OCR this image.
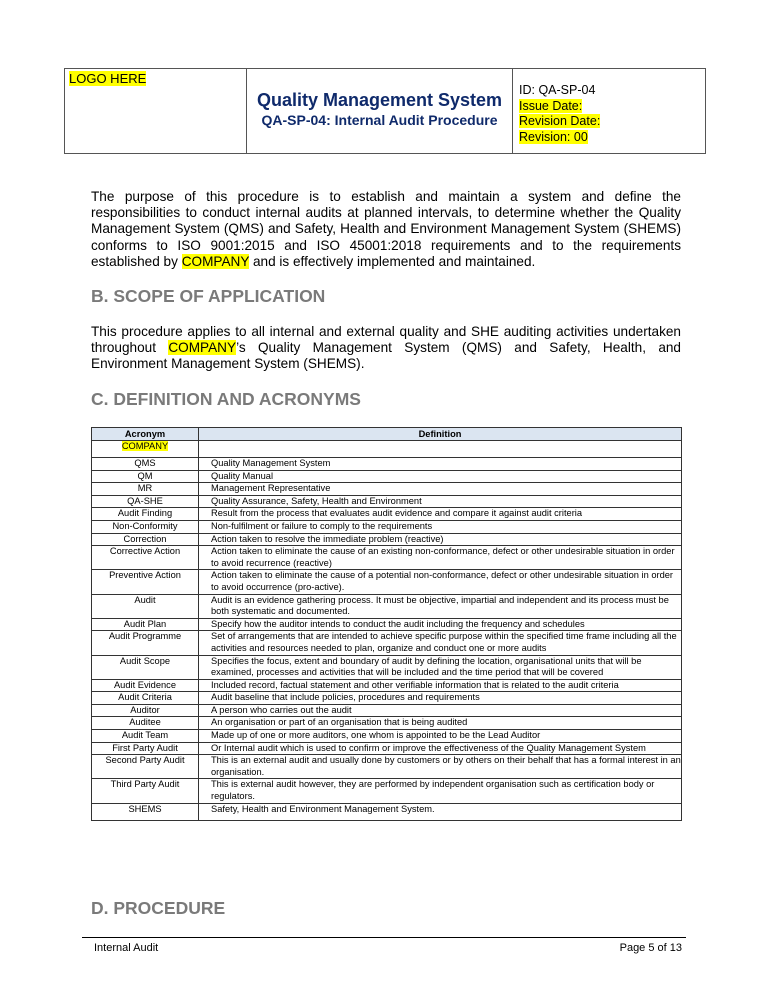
LOGO HERE
Quality Management System
QA-SP-04: Internal Audit Procedure
ID: QA-SP-04
Issue Date:
Revision Date:
Revision: 00

The purpose of this procedure is to establish and maintain a system and define the responsibilities to conduct internal audits at planned intervals, to determine whether the Quality Management System (QMS) and Safety, Health and Environment Management System (SHEMS) conforms to ISO 9001:2015 and ISO 45001:2018 requirements and to the requirements established by COMPANY and is effectively implemented and maintained.

B. SCOPE OF APPLICATION

This procedure applies to all internal and external quality and SHE auditing activities undertaken throughout COMPANY’s Quality Management System (QMS) and Safety, Health, and Environment Management System (SHEMS).

C. DEFINITION AND ACRONYMS
Acronym	Definition
COMPANY	
QMS	Quality Management System
QM	Quality Manual
MR	Management Representative
QA-SHE	Quality Assurance, Safety, Health and Environment
Audit Finding	Result from the process that evaluates audit evidence and compare it against audit criteria
Non-Conformity	Non-fulfilment or failure to comply to the requirements
Correction	Action taken to resolve the immediate problem (reactive)
Corrective Action	Action taken to eliminate the cause of an existing non-conformance, defect or other undesirable situation in order to avoid recurrence (reactive)
Preventive Action	Action taken to eliminate the cause of a potential non-conformance, defect or other undesirable situation in order to avoid occurrence (pro-active).
Audit	Audit is an evidence gathering process. It must be objective, impartial and independent and its process must be both systematic and documented.
Audit Plan	Specify how the auditor intends to conduct the audit including the frequency and schedules
Audit Programme	Set of arrangements that are intended to achieve specific purpose within the specified time frame including all the activities and resources needed to plan, organize and conduct one or more audits
Audit Scope	Specifies the focus, extent and boundary of audit by defining the location, organisational units that will be examined, processes and activities that will be included and the time period that will be covered
Audit Evidence	Included record, factual statement and other verifiable information that is related to the audit criteria
Audit Criteria	Audit baseline that include policies, procedures and requirements
Auditor	A person who carries out the audit
Auditee	An organisation or part of an organisation that is being audited
Audit Team	Made up of one or more auditors, one whom is appointed to be the Lead Auditor
First Party Audit	Or Internal audit which is used to confirm or improve the effectiveness of the Quality Management System
Second Party Audit	This is an external audit and usually done by customers or by others on their behalf that has a formal interest in an organisation.
Third Party Audit	This is external audit however, they are performed by independent organisation such as certification body or regulators.
SHEMS	Safety, Health and Environment Management System.
D. PROCEDURE
Internal Audit	Page 5 of 13
